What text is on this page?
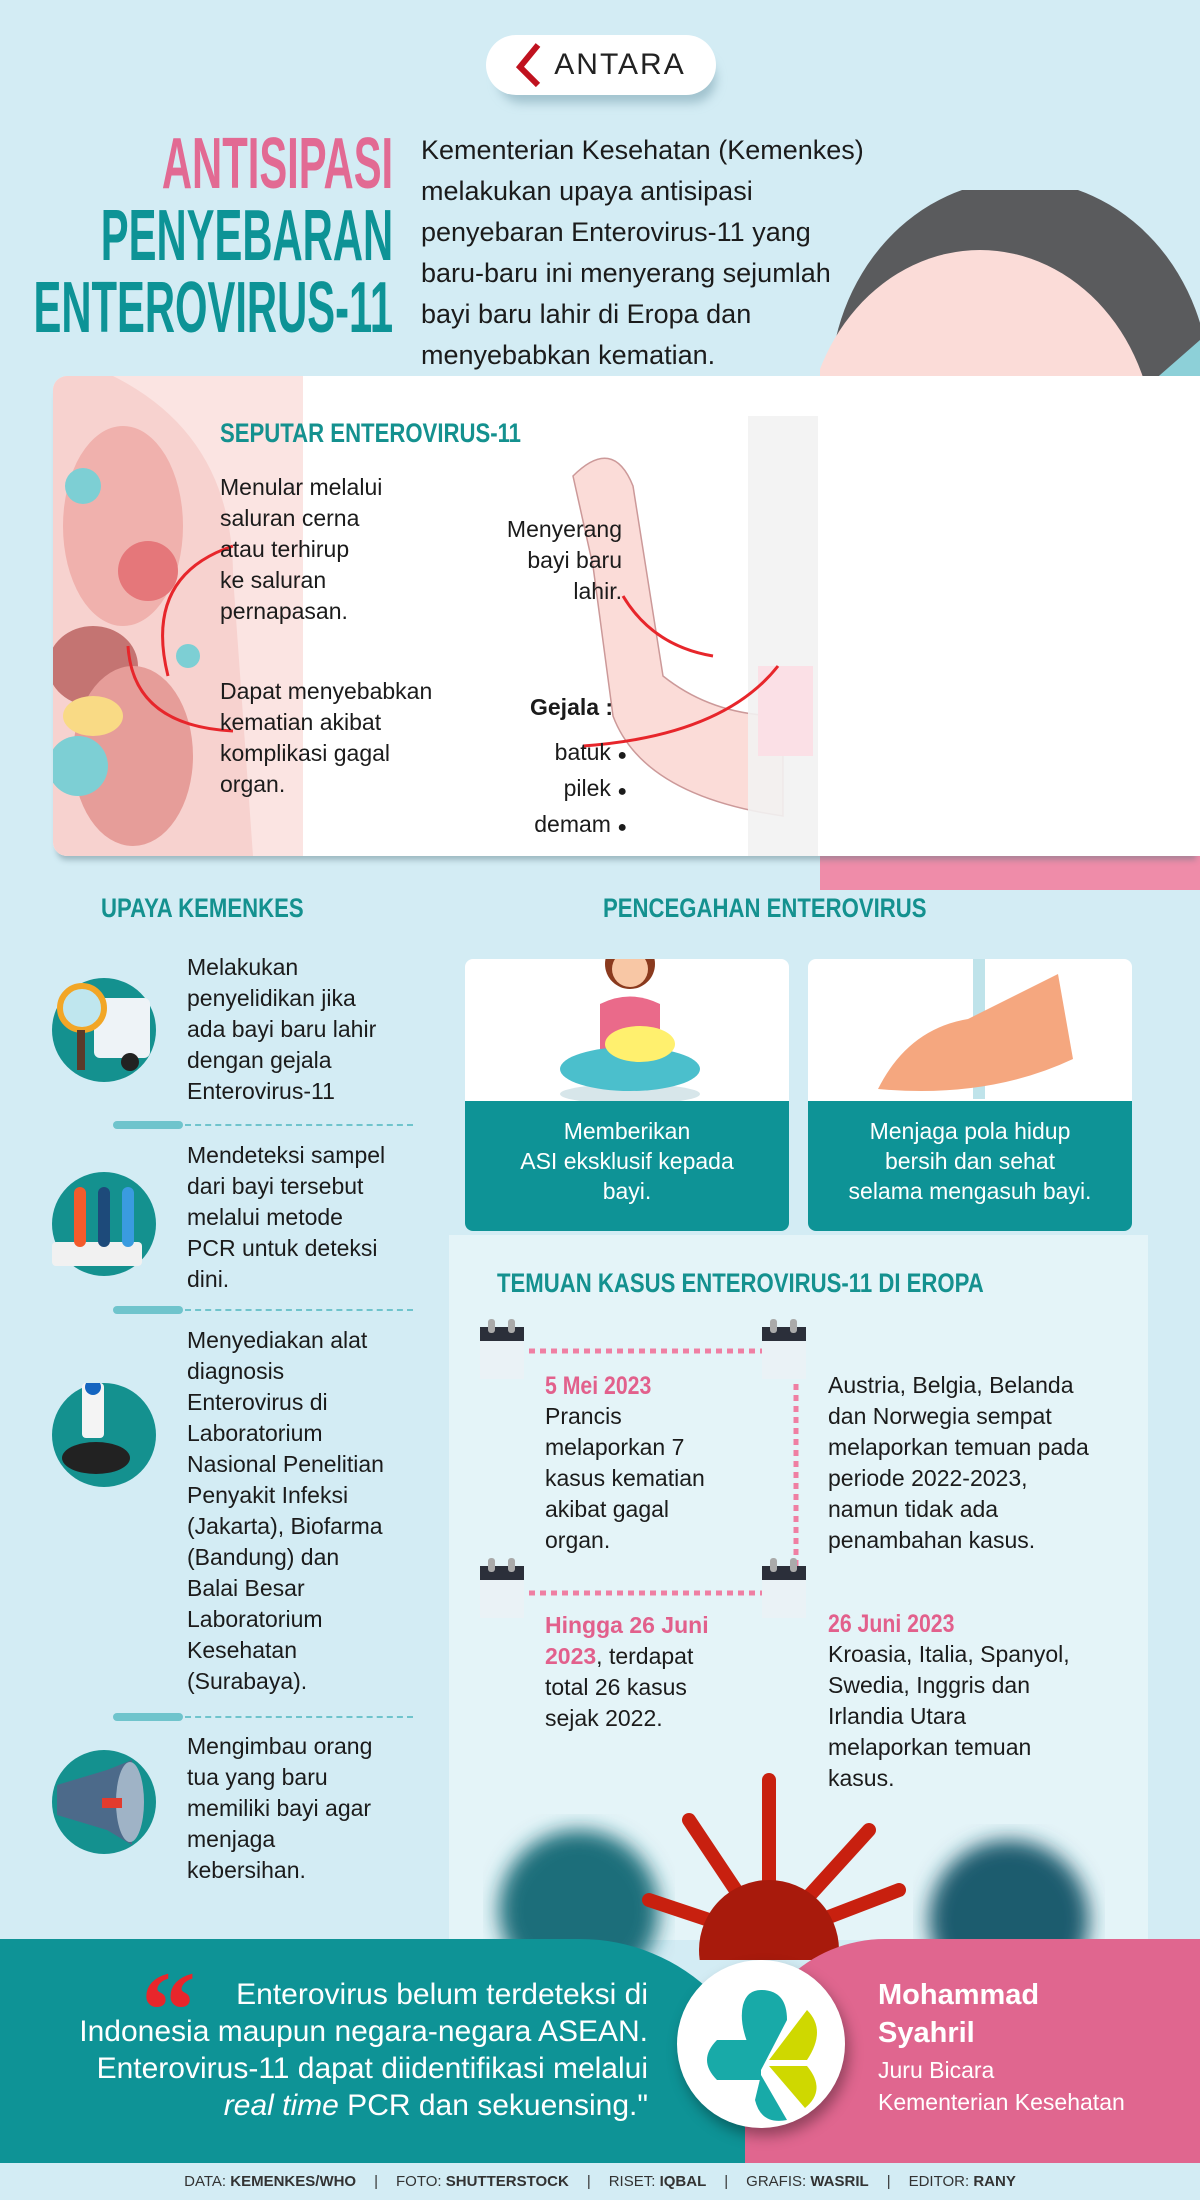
ANTARA
ANTISIPASI
PENYEBARAN
ENTEROVIRUS-11
Kementerian Kesehatan (Kemenkes)
melakukan upaya antisipasi
penyebaran Enterovirus-11 yang
baru-baru ini menyerang sejumlah
bayi baru lahir di Eropa dan
menyebabkan kematian.
SEPUTAR ENTEROVIRUS-11
Menular melalui
saluran cerna
atau terhirup
ke saluran
pernapasan.
Dapat menyebabkan
kematian akibat
komplikasi gagal
organ.
Menyerang
bayi baru
lahir.
Gejala :
batuk ●
pilek ●
demam ●
UPAYA KEMENKES
Melakukan
penyelidikan jika
ada bayi baru lahir
dengan gejala
Enterovirus-11
Mendeteksi sampel
dari bayi tersebut
melalui metode
PCR untuk deteksi
dini.
Menyediakan alat
diagnosis
Enterovirus di
Laboratorium
Nasional Penelitian
Penyakit Infeksi
(Jakarta), Biofarma
(Bandung) dan
Balai Besar
Laboratorium
Kesehatan
(Surabaya).
Mengimbau orang
tua yang baru
memiliki bayi agar
menjaga
kebersihan.
PENCEGAHAN ENTEROVIRUS
Memberikan
ASI eksklusif kepada
bayi.
Menjaga pola hidup
bersih dan sehat
selama mengasuh bayi.
TEMUAN KASUS ENTEROVIRUS-11 DI EROPA
5 Mei 2023
Prancis
melaporkan 7
kasus kematian
akibat gagal
organ.
Austria, Belgia, Belanda
dan Norwegia sempat
melaporkan temuan pada
periode 2022-2023,
namun tidak ada
penambahan kasus.
Hingga 26 Juni
2023, terdapat
total 26 kasus
sejak 2022.
26 Juni 2023
Kroasia, Italia, Spanyol,
Swedia, Inggris dan
Irlandia Utara
melaporkan temuan
kasus.
“	Enterovirus belum terdeteksi di
Indonesia maupun negara-negara ASEAN.
Enterovirus-11 dapat diidentifikasi melalui
real time PCR dan sekuensing."
Mohammad
Syahril
Juru Bicara
Kementerian Kesehatan
DATA: KEMENKES/WHO | FOTO: SHUTTERSTOCK | RISET: IQBAL | GRAFIS: WASRIL | EDITOR: RANY
